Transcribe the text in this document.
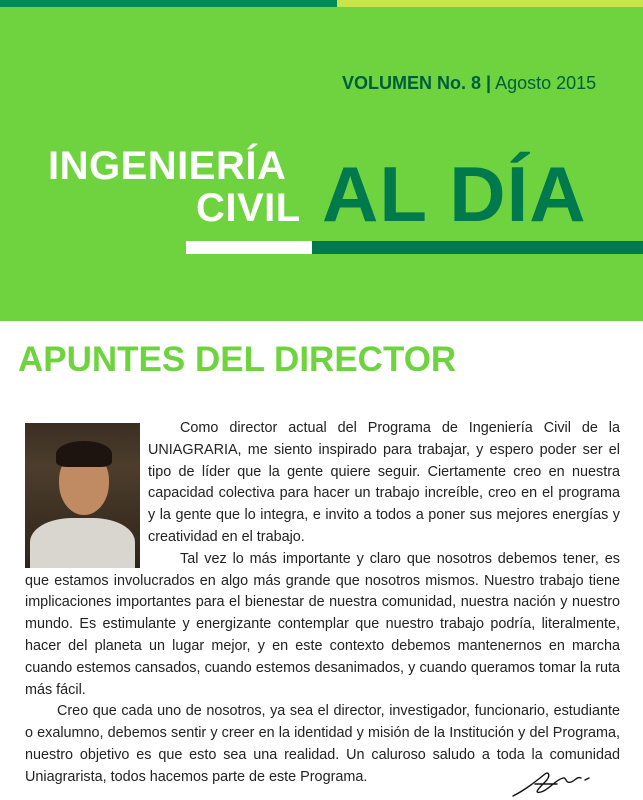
VOLUMEN No. 8 | Agosto 2015
INGENIERÍA
CIVIL AL DÍA
APUNTES DEL DIRECTOR

Como director actual del Programa de Ingeniería Civil de la UNIAGRARIA, me siento inspirado para trabajar, y espero poder ser el tipo de líder que la gente quiere seguir. Ciertamente creo en nuestra capacidad colectiva para hacer un trabajo increíble, creo en el programa y la gente que lo integra, e invito a todos a poner sus mejores energías y creatividad en el trabajo.

Tal vez lo más importante y claro que nosotros debemos tener, es que estamos involucrados en algo más grande que nosotros mismos. Nuestro trabajo tiene implicaciones importantes para el bienestar de nuestra comunidad, nuestra nación y nuestro mundo. Es estimulante y energizante contemplar que nuestro trabajo podría, literalmente, hacer del planeta un lugar mejor, y en este contexto debemos mantenernos en marcha cuando estemos cansados, cuando estemos desanimados, y cuando queramos tomar la ruta más fácil.

Creo que cada uno de nosotros, ya sea el director, investigador, funcionario, estudiante o exalumno, debemos sentir y creer en la identidad y misión de la Institución y del Programa, nuestro objetivo es que esto sea una realidad. Un caluroso saludo a toda la comunidad Uniagrarista, todos hacemos parte de este Programa.
